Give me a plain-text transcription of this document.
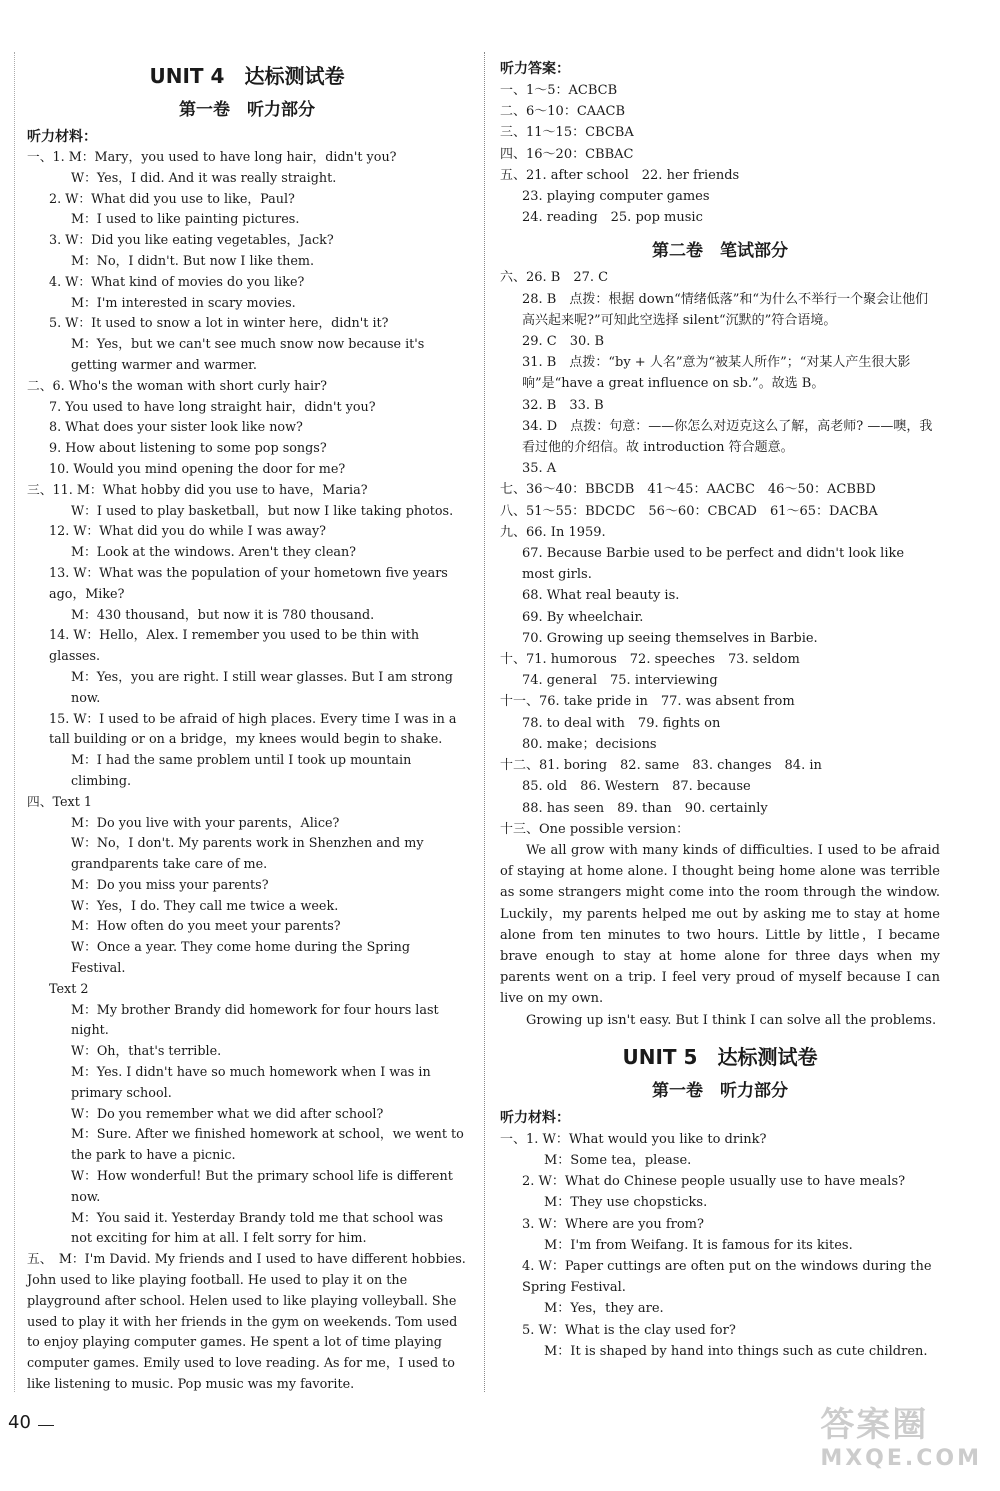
UNIT 4　达标测试卷
第一卷　听力部分
听力材料：
一、1. M：Mary，you used to have long hair，didn't you?
W：Yes，I did. And it was really straight.
2. W：What did you use to like，Paul?
M：I used to like painting pictures.
3. W：Did you like eating vegetables，Jack?
M：No，I didn't. But now I like them.
4. W：What kind of movies do you like?
M：I'm interested in scary movies.
5. W：It used to snow a lot in winter here，didn't it?
M：Yes，but we can't see much snow now because it's getting warmer and warmer.
二、6. Who's the woman with short curly hair?
7. You used to have long straight hair，didn't you?
8. What does your sister look like now?
9. How about listening to some pop songs?
10. Would you mind opening the door for me?
三、11. M：What hobby did you use to have，Maria?
W：I used to play basketball，but now I like taking photos.
12. W：What did you do while I was away?
M：Look at the windows. Aren't they clean?
13. W：What was the population of your hometown five years ago，Mike?
M：430 thousand，but now it is 780 thousand.
14. W：Hello，Alex. I remember you used to be thin with glasses.
M：Yes，you are right. I still wear glasses. But I am strong now.
15. W：I used to be afraid of high places. Every time I was in a tall building or on a bridge，my knees would begin to shake.
M：I had the same problem until I took up mountain climbing.
四、Text 1
M：Do you live with your parents，Alice?
W：No，I don't. My parents work in Shenzhen and my grandparents take care of me.
M：Do you miss your parents?
W：Yes，I do. They call me twice a week.
M：How often do you meet your parents?
W：Once a year. They come home during the Spring Festival.
Text 2
M：My brother Brandy did homework for four hours last night.
W：Oh，that's terrible.
M：Yes. I didn't have so much homework when I was in primary school.
W：Do you remember what we did after school?
M：Sure. After we finished homework at school，we went to the park to have a picnic.
W：How wonderful! But the primary school life is different now.
M：You said it. Yesterday Brandy told me that school was not exciting for him at all. I felt sorry for him.
五、　M：I'm David. My friends and I used to have different hobbies. John used to like playing football. He used to play it on the playground after school. Helen used to like playing volleyball. She used to play it with her friends in the gym on weekends. Tom used to enjoy playing computer games. He spent a lot of time playing computer games. Emily used to love reading. As for me，I used to like listening to music. Pop music was my favorite.
听力答案：
一、1～5：ACBCB
二、6～10：CAACB
三、11～15：CBCBA
四、16～20：CBBAC
五、21. after school　22. her friends
23. playing computer games
24. reading　25. pop music
第二卷　笔试部分
六、26. B　27. C
28. B　点拨：根据 down“情绪低落”和“为什么不举行一个聚会让他们高兴起来呢?”可知此空选择 silent“沉默的”符合语境。
29. C　30. B
31. B　点拨：“by + 人名”意为“被某人所作”；“对某人产生很大影响”是“have a great influence on sb.”。故选 B。
32. B　33. B
34. D　点拨：句意：——你怎么对迈克这么了解，高老师? ——噢，我看过他的介绍信。故 introduction 符合题意。
35. A
七、36～40：BBCDB　41～45：AACBC　46～50：ACBBD
八、51～55：BDCDC　56～60：CBCAD　61～65：DACBA
九、66. In 1959.
67. Because Barbie used to be perfect and didn't look like most girls.
68. What real beauty is.
69. By wheelchair.
70. Growing up seeing themselves in Barbie.
十、71. humorous　72. speeches　73. seldom
74. general　75. interviewing
十一、76. take pride in　77. was absent from
78. to deal with　79. fights on
80. make；decisions
十二、81. boring　82. same　83. changes　84. in
85. old　86. Western　87. because
88. has seen　89. than　90. certainly
十三、One possible version：
We all grow with many kinds of difficulties. I used to be afraid of staying at home alone. I thought being home alone was terrible as some strangers might come into the room through the window. Luckily，my parents helped me out by asking me to stay at home alone from ten minutes to two hours. Little by little，I became brave enough to stay at home alone for three days when my parents went on a trip. I feel very proud of myself because I can live on my own.
Growing up isn't easy. But I think I can solve all the problems.
UNIT 5　达标测试卷
第一卷　听力部分
听力材料：
一、1. W：What would you like to drink?
M：Some tea，please.
2. W：What do Chinese people usually use to have meals?
M：They use chopsticks.
3. W：Where are you from?
M：I'm from Weifang. It is famous for its kites.
4. W：Paper cuttings are often put on the windows during the Spring Festival.
M：Yes，they are.
5. W：What is the clay used for?
M：It is shaped by hand into things such as cute children.
40	答案圈
MXQE.COM
